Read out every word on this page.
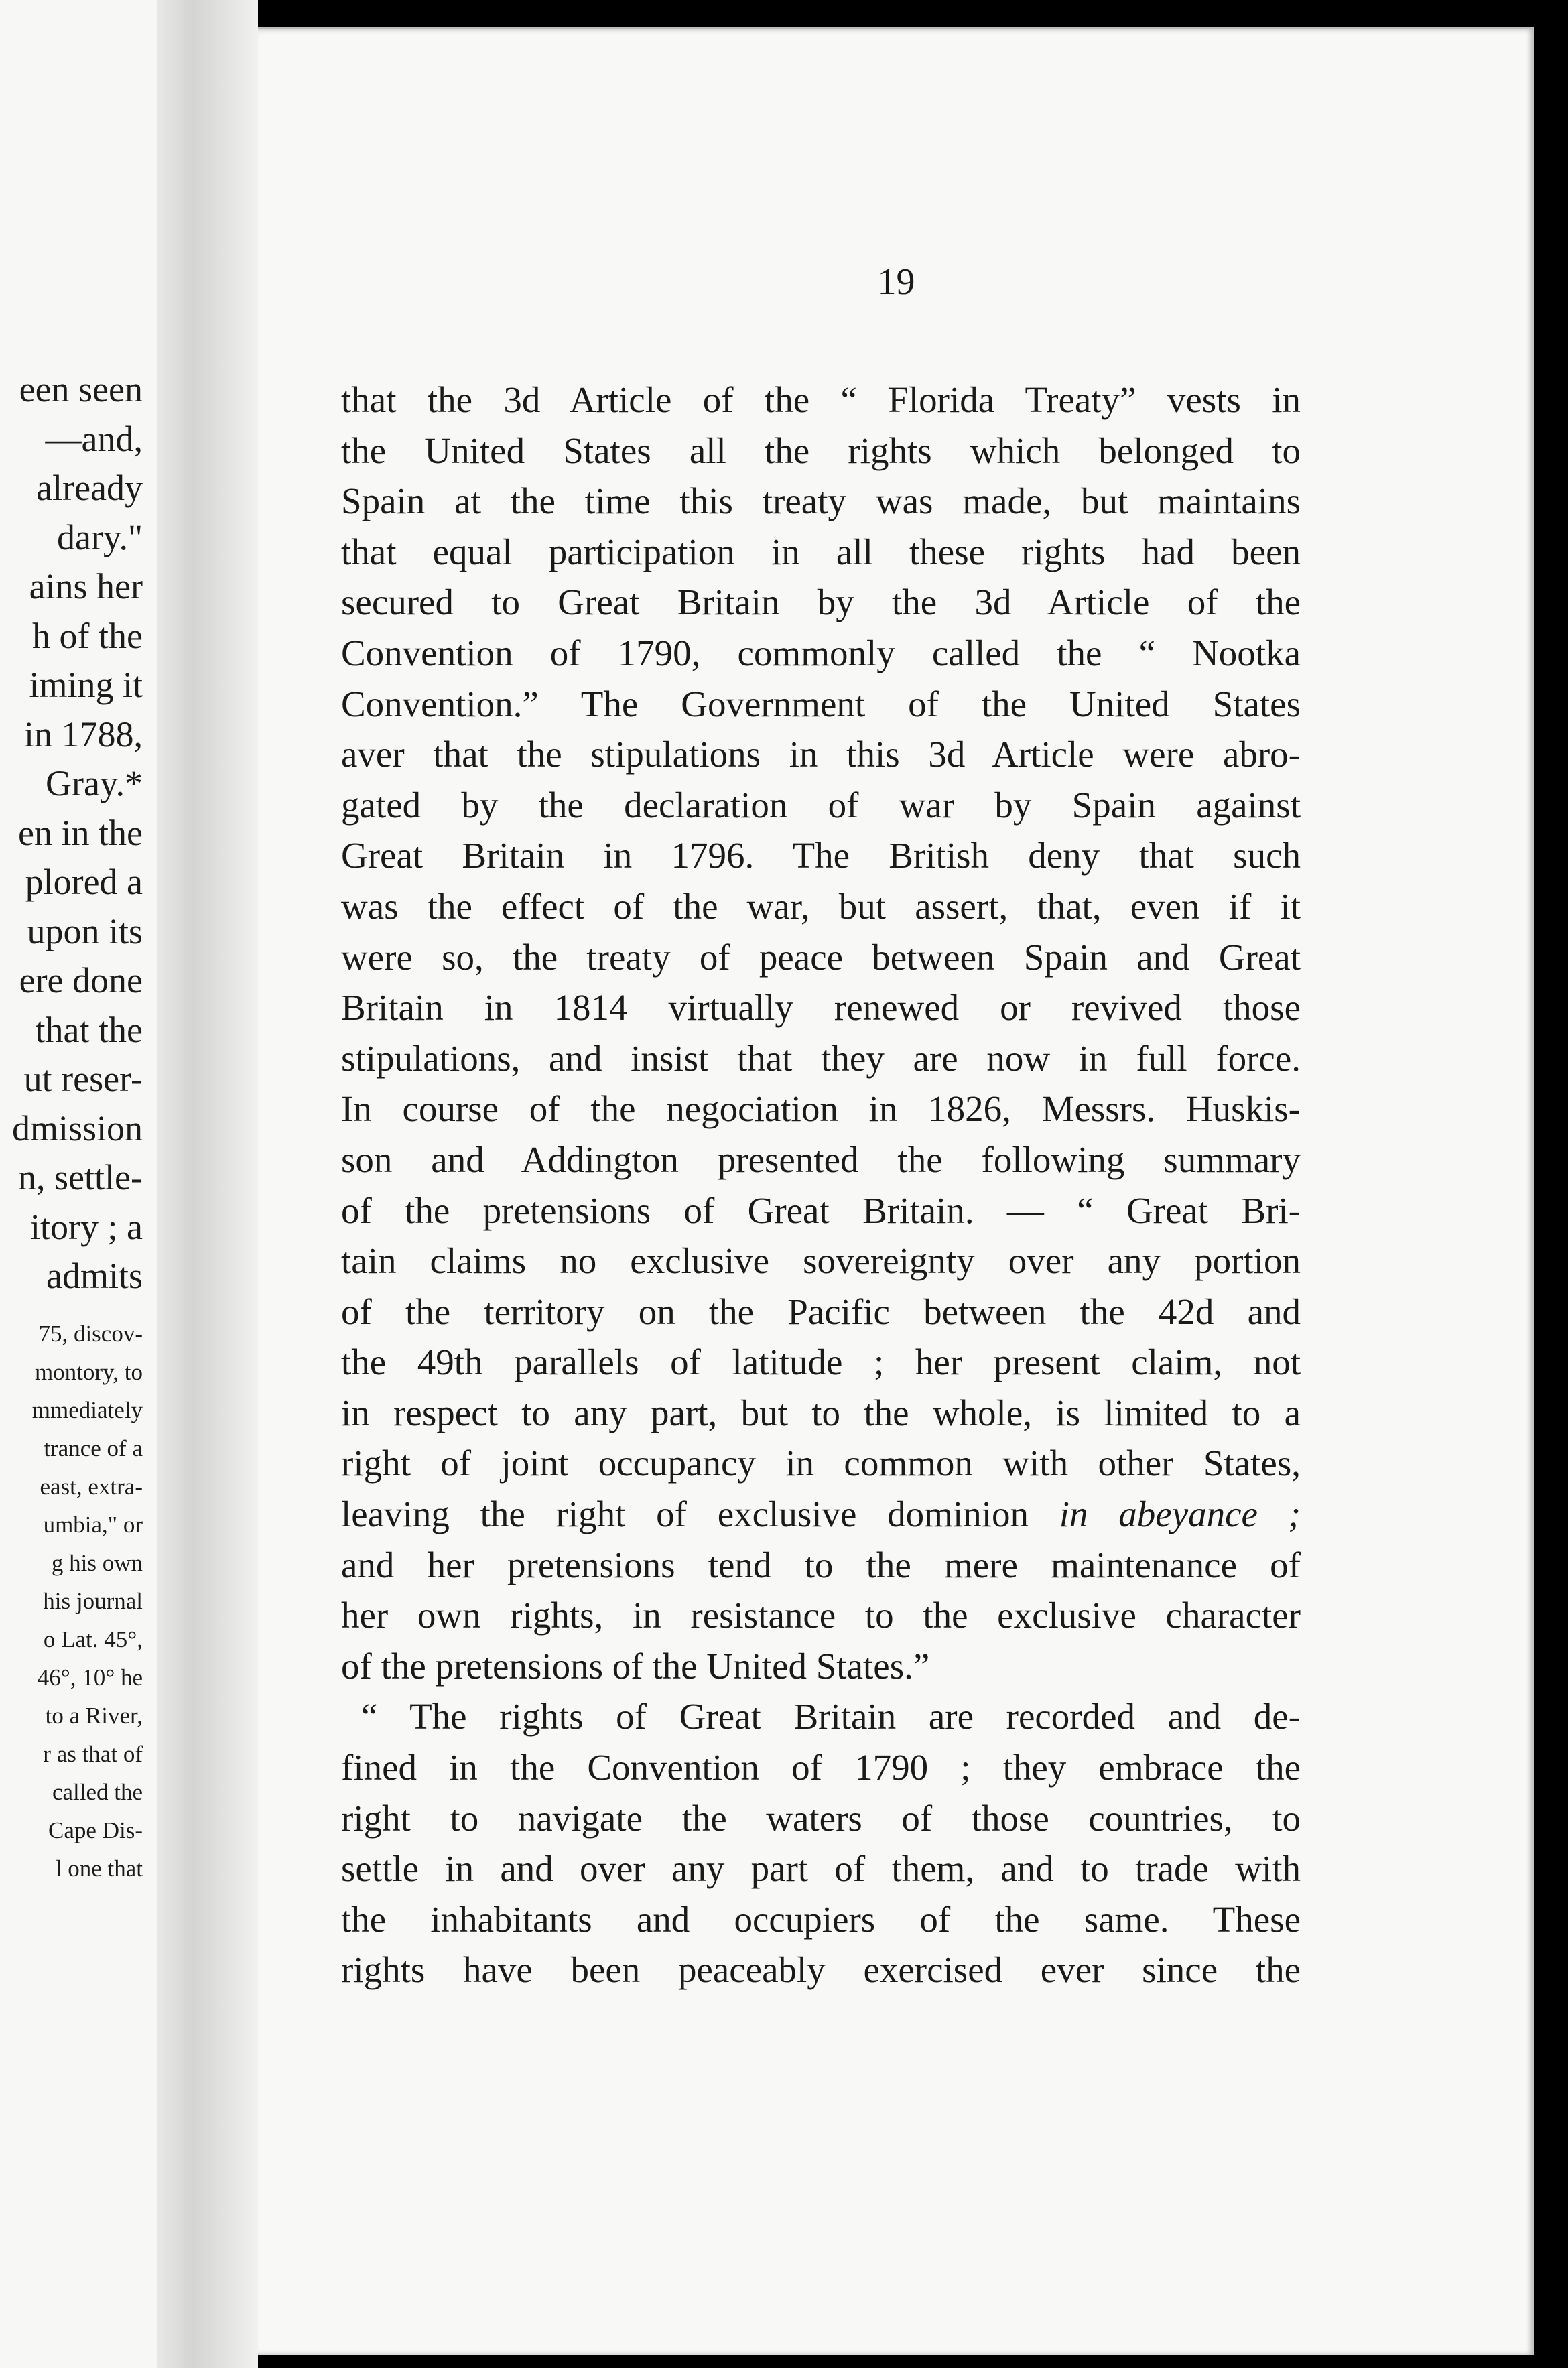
een seen
—and,
already
dary."
ains her
h of the
iming it
in 1788,
Gray.*
en in the
plored a
upon its
ere done
that the
ut reser-
dmission
n, settle-
itory ; a
admits
75, discov-
montory, to
mmediately
trance of a
east, extra-
umbia," or
g his own
his journal
o Lat. 45°,
46°, 10° he
to a River,
r as that of
called the
Cape Dis-
l one that
19
that the 3d Article of the “ Florida Treaty” vests in
the United States all the rights which belonged to
Spain at the time this treaty was made, but maintains
that equal participation in all these rights had been
secured to Great Britain by the 3d Article of the
Convention of 1790, commonly called the “ Nootka
Convention.” The Government of the United States
aver that the stipulations in this 3d Article were abro-
gated by the declaration of war by Spain against
Great Britain in 1796. The British deny that such
was the effect of the war, but assert, that, even if it
were so, the treaty of peace between Spain and Great
Britain in 1814 virtually renewed or revived those
stipulations, and insist that they are now in full force.
In course of the negociation in 1826, Messrs. Huskis-
son and Addington presented the following summary
of the pretensions of Great Britain. — “ Great Bri-
tain claims no exclusive sovereignty over any portion
of the territory on the Pacific between the 42d and
the 49th parallels of latitude ; her present claim, not
in respect to any part, but to the whole, is limited to a
right of joint occupancy in common with other States,
leaving the right of exclusive dominion in abeyance ;
and her pretensions tend to the mere maintenance of
her own rights, in resistance to the exclusive character
of the pretensions of the United States.”
“ The rights of Great Britain are recorded and de-
fined in the Convention of 1790 ; they embrace the
right to navigate the waters of those countries, to
settle in and over any part of them, and to trade with
the inhabitants and occupiers of the same. These
rights have been peaceably exercised ever since the
